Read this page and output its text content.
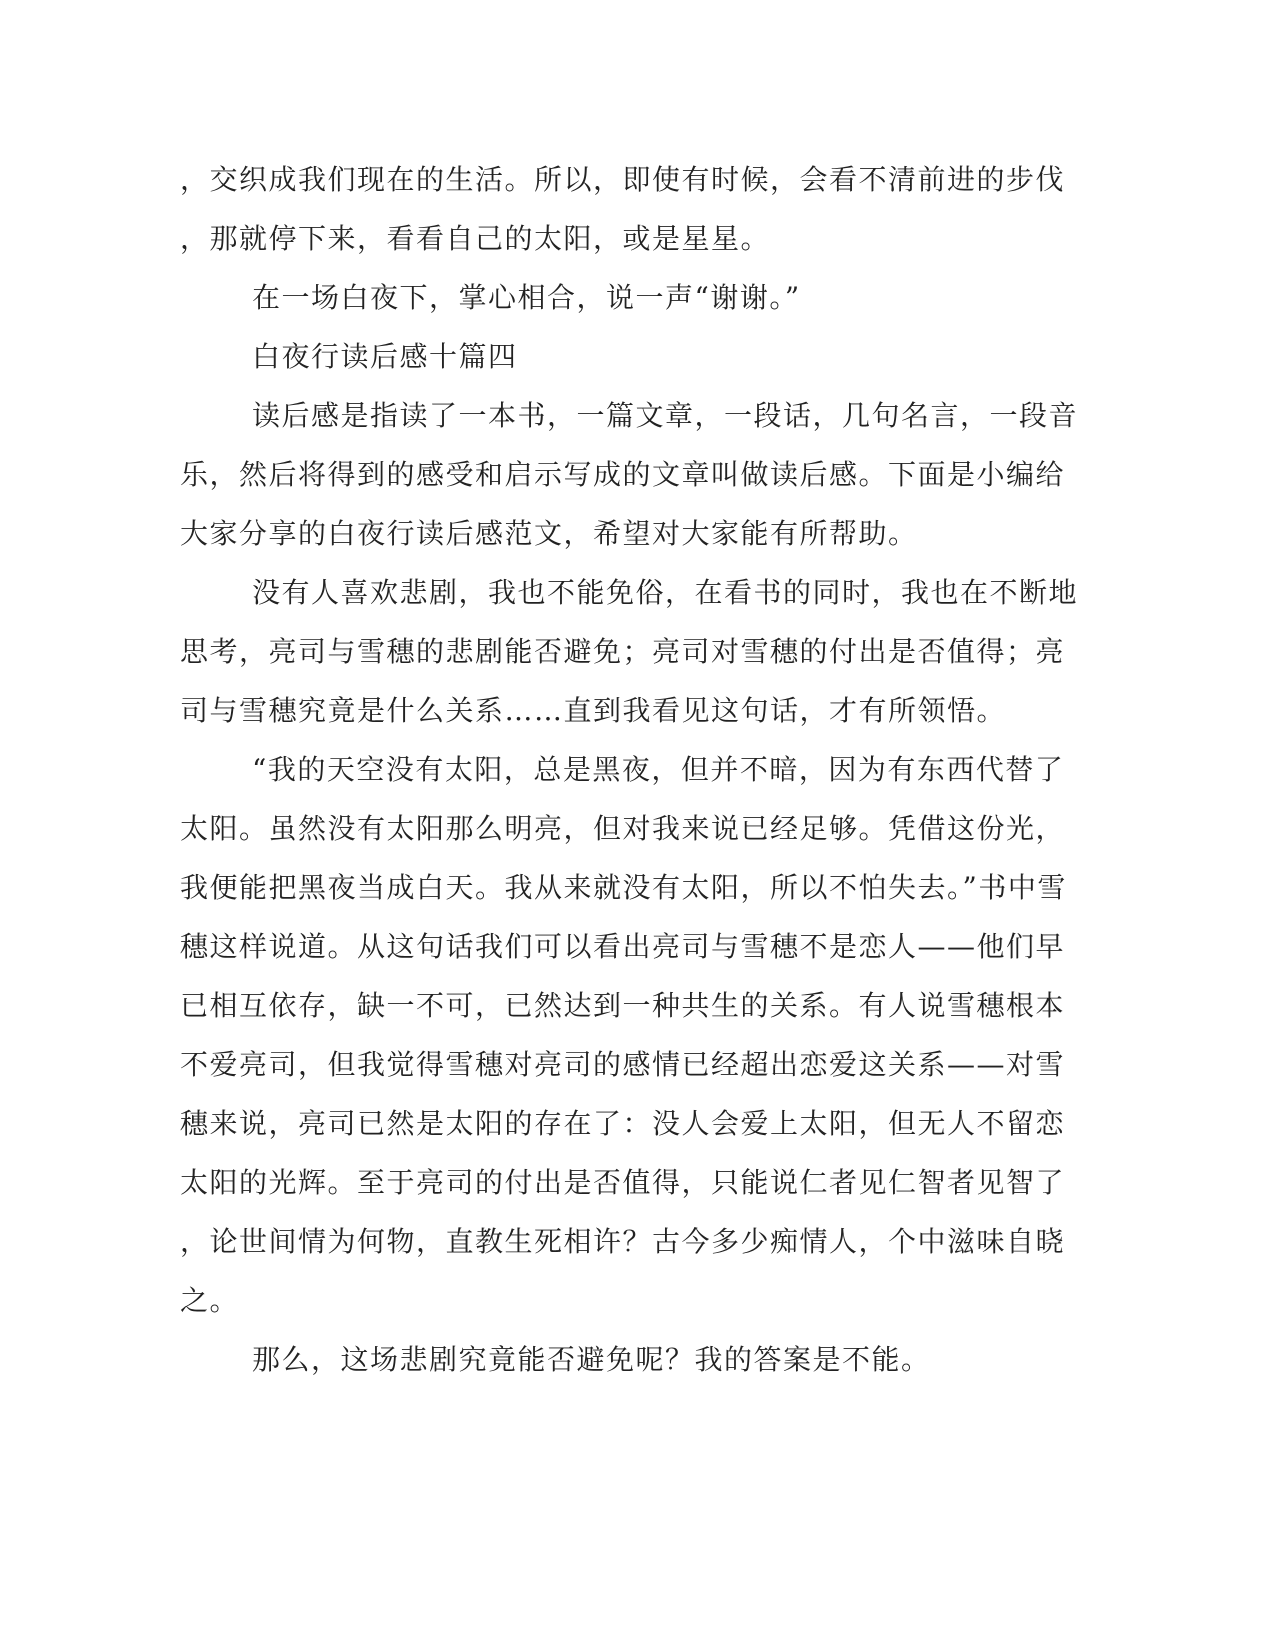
，交织成我们现在的生活。所以，即使有时候，会看不清前进的步伐
，那就停下来，看看自己的太阳，或是星星。
在一场白夜下，掌心相合，说一声“谢谢。”
白夜行读后感十篇四
读后感是指读了一本书，一篇文章，一段话，几句名言，一段音
乐，然后将得到的感受和启示写成的文章叫做读后感。下面是小编给
大家分享的白夜行读后感范文，希望对大家能有所帮助。
没有人喜欢悲剧，我也不能免俗，在看书的同时，我也在不断地
思考，亮司与雪穗的悲剧能否避免；亮司对雪穗的付出是否值得；亮
司与雪穗究竟是什么关系……直到我看见这句话，才有所领悟。
“我的天空没有太阳，总是黑夜，但并不暗，因为有东西代替了
太阳。虽然没有太阳那么明亮，但对我来说已经足够。凭借这份光，
我便能把黑夜当成白天。我从来就没有太阳，所以不怕失去。”书中雪
穗这样说道。从这句话我们可以看出亮司与雪穗不是恋人——他们早
已相互依存，缺一不可，已然达到一种共生的关系。有人说雪穗根本
不爱亮司，但我觉得雪穗对亮司的感情已经超出恋爱这关系——对雪
穗来说，亮司已然是太阳的存在了：没人会爱上太阳，但无人不留恋
太阳的光辉。至于亮司的付出是否值得，只能说仁者见仁智者见智了
，论世间情为何物，直教生死相许？古今多少痴情人，个中滋味自晓
之。
那么，这场悲剧究竟能否避免呢？我的答案是不能。
